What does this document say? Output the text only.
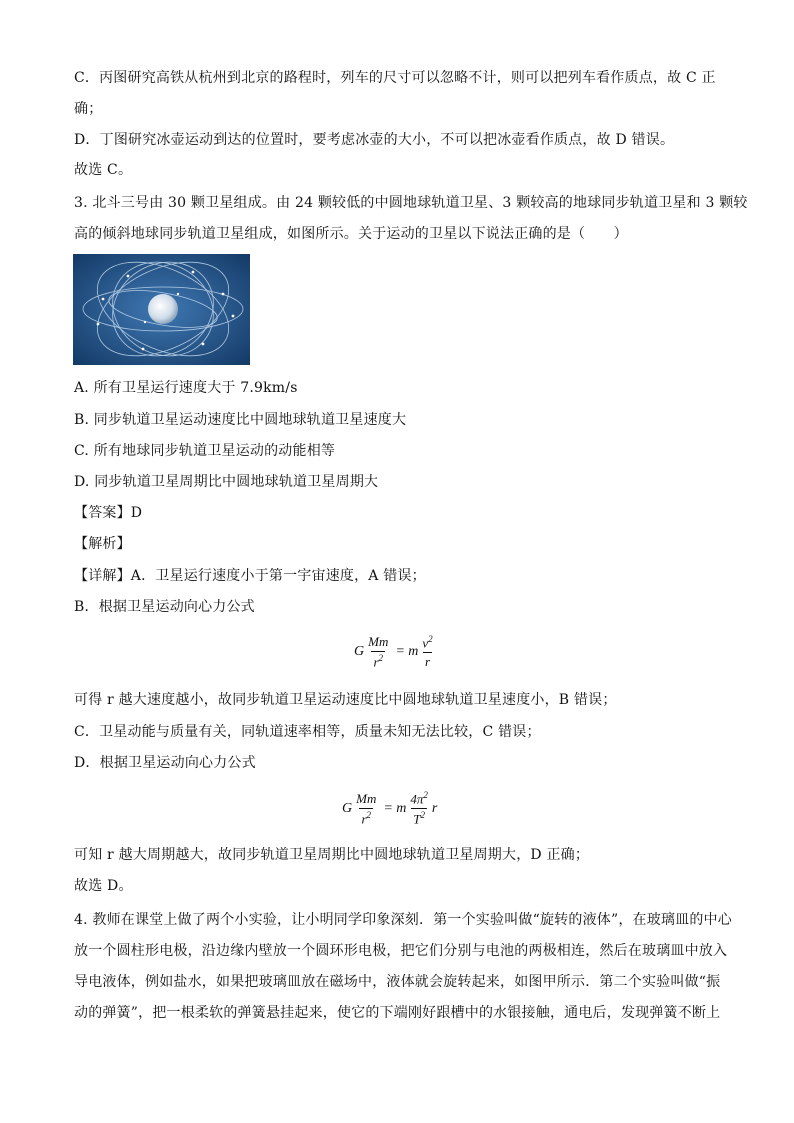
C．丙图研究高铁从杭州到北京的路程时，列车的尺寸可以忽略不计，则可以把列车看作质点，故 C 正
确；
D．丁图研究冰壶运动到达的位置时，要考虑冰壶的大小，不可以把冰壶看作质点，故 D 错误。
故选 C。
3. 北斗三号由 30 颗卫星组成。由 24 颗较低的中圆地球轨道卫星、3 颗较高的地球同步轨道卫星和 3 颗较
高的倾斜地球同步轨道卫星组成，如图所示。关于运动的卫星以下说法正确的是（　　）
A. 所有卫星运行速度大于 7.9km/s
B. 同步轨道卫星运动速度比中圆地球轨道卫星速度大
C. 所有地球同步轨道卫星运动的动能相等
D. 同步轨道卫星周期比中圆地球轨道卫星周期大
【答案】D
【解析】
【详解】A．卫星运行速度小于第一宇宙速度，A 错误；
B．根据卫星运动向心力公式
可得 r 越大速度越小，故同步轨道卫星运动速度比中圆地球轨道卫星速度小，B 错误；
C．卫星动能与质量有关，同轨道速率相等，质量未知无法比较，C 错误；
D．根据卫星运动向心力公式
可知 r 越大周期越大，故同步轨道卫星周期比中圆地球轨道卫星周期大，D 正确；
故选 D。
4. 教师在课堂上做了两个小实验，让小明同学印象深刻．第一个实验叫做“旋转的液体”，在玻璃皿的中心
放一个圆柱形电极，沿边缘内壁放一个圆环形电极，把它们分别与电池的两极相连，然后在玻璃皿中放入
导电液体，例如盐水，如果把玻璃皿放在磁场中，液体就会旋转起来，如图甲所示．第二个实验叫做“振
动的弹簧”，把一根柔软的弹簧悬挂起来，使它的下端刚好跟槽中的水银接触，通电后，发现弹簧不断上
G $\frac{Mm}{r^2} = m \frac{v^2}{r}$
G $\frac{Mm}{r^2} = m \frac{4\pi^2}{T^2}$ r
